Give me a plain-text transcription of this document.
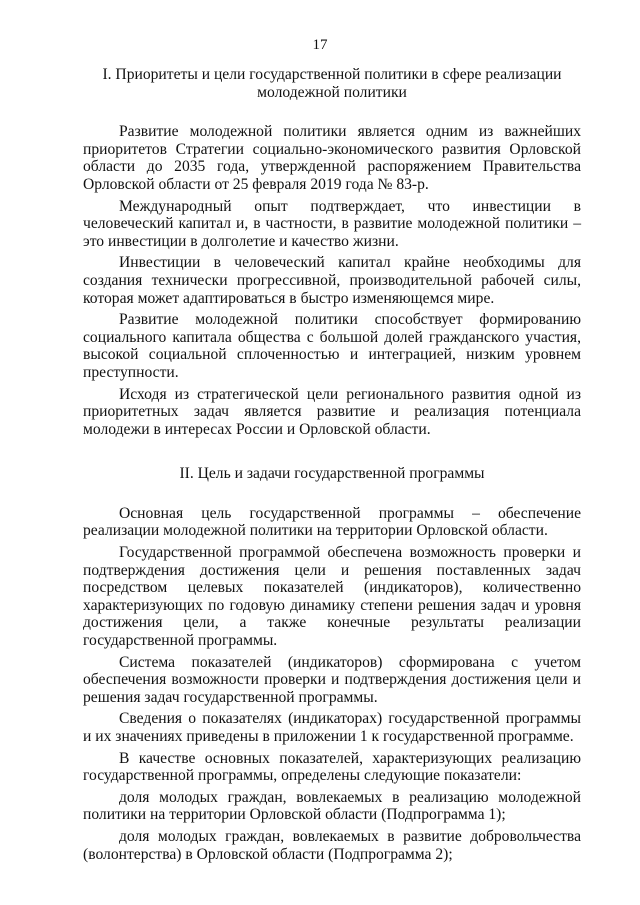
17
I. Приоритеты и цели государственной политики в сфере реализации молодежной политики

Развитие молодежной политики является одним из важнейших приоритетов Стратегии социально-экономического развития Орловской области до 2035 года, утвержденной распоряжением Правительства Орловской области от 25 февраля 2019 года № 83-р.

Международный опыт подтверждает, что инвестиции в человеческий капитал и, в частности, в развитие молодежной политики – это инвестиции в долголетие и качество жизни.

Инвестиции в человеческий капитал крайне необходимы для создания технически прогрессивной, производительной рабочей силы, которая может адаптироваться в быстро изменяющемся мире.

Развитие молодежной политики способствует формированию социального капитала общества с большой долей гражданского участия, высокой социальной сплоченностью и интеграцией, низким уровнем преступности.

Исходя из стратегической цели регионального развития одной из приоритетных задач является развитие и реализация потенциала молодежи в интересах России и Орловской области.

II. Цель и задачи государственной программы

Основная цель государственной программы – обеспечение реализации молодежной политики на территории Орловской области.

Государственной программой обеспечена возможность проверки и подтверждения достижения цели и решения поставленных задач посредством целевых показателей (индикаторов), количественно характеризующих по годовую динамику степени решения задач и уровня достижения цели, а также конечные результаты реализации государственной программы.

Система показателей (индикаторов) сформирована с учетом обеспечения возможности проверки и подтверждения достижения цели и решения задач государственной программы.

Сведения о показателях (индикаторах) государственной программы и их значениях приведены в приложении 1 к государственной программе.

В качестве основных показателей, характеризующих реализацию государственной программы, определены следующие показатели:

доля молодых граждан, вовлекаемых в реализацию молодежной политики на территории Орловской области (Подпрограмма 1);

доля молодых граждан, вовлекаемых в развитие добровольчества (волонтерства) в Орловской области (Подпрограмма 2);
